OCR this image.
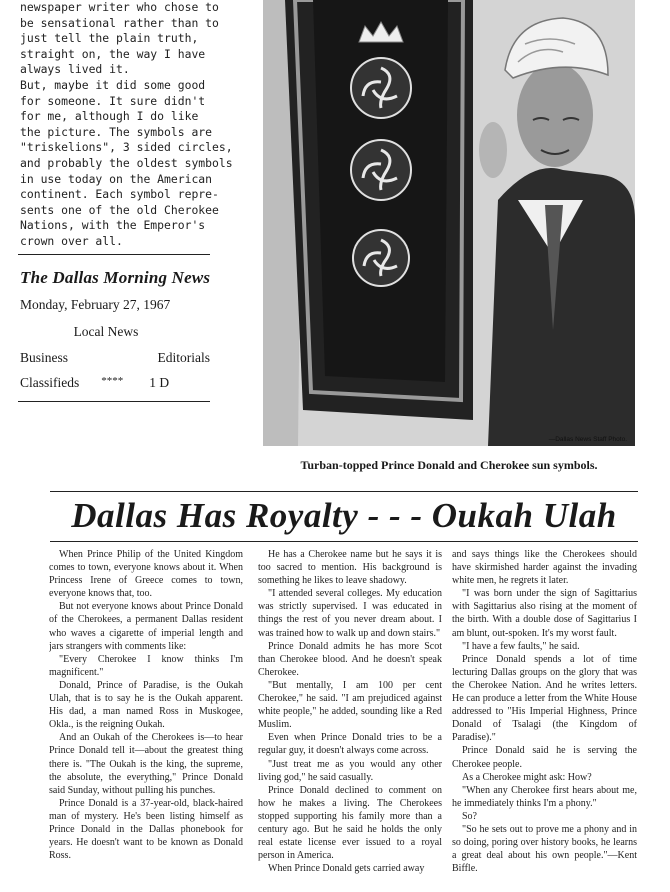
newspaper writer who chose to

be sensational rather than to

just tell the plain truth,

straight on, the way I have

always lived it.

But, maybe it did some good

for someone. It sure didn't

for me, although I do like

the picture. The symbols are

"triskelions", 3 sided circles,

and probably the oldest symbols

in use today on the American

continent. Each symbol repre-

sents one of the old Cherokee

Nations, with the Emperor's

crown over all.

The Dallas Morning News
Monday, February 27, 1967
Local News
Business	Editorials
Classifieds **** 1 D
—Dallas News Staff Photo.
Turban-topped Prince Donald and Cherokee sun symbols.
Dallas Has Royalty - - - Oukah Ulah

When Prince Philip of the United Kingdom comes to town, everyone knows about it. When Princess Irene of Greece comes to town, everyone knows that, too.

But not everyone knows about Prince Donald of the Cherokees, a permanent Dallas resident who waves a cigarette of imperial length and jars strangers with comments like:

"Every Cherokee I know thinks I'm magnificent."

Donald, Prince of Paradise, is the Oukah Ulah, that is to say he is the Oukah apparent. His dad, a man named Ross in Muskogee, Okla., is the reigning Oukah.

And an Oukah of the Cherokees is—to hear Prince Donald tell it—about the greatest thing there is. "The Oukah is the king, the supreme, the absolute, the everything," Prince Donald said Sunday, without pulling his punches.

Prince Donald is a 37-year-old, black-haired man of mystery. He's been listing himself as Prince Donald in the Dallas phonebook for years. He doesn't want to be known as Donald Ross.

He has a Cherokee name but he says it is too sacred to mention. His background is something he likes to leave shadowy.

"I attended several colleges. My education was strictly supervised. I was educated in things the rest of you never dream about. I was trained how to walk up and down stairs."

Prince Donald admits he has more Scot than Cherokee blood. And he doesn't speak Cherokee.

"But mentally, I am 100 per cent Cherokee," he said. "I am prejudiced against white people," he added, sounding like a Red Muslim.

Even when Prince Donald tries to be a regular guy, it doesn't always come across.

"Just treat me as you would any other living god," he said casually.

Prince Donald declined to comment on how he makes a living. The Cherokees stopped supporting his family more than a century ago. But he said he holds the only real estate license ever issued to a royal person in America.

When Prince Donald gets carried away

and says things like the Cherokees should have skirmished harder against the invading white men, he regrets it later.

"I was born under the sign of Sagittarius with Sagittarius also rising at the moment of the birth. With a double dose of Sagittarius I am blunt, out-spoken. It's my worst fault.

"I have a few faults," he said.

Prince Donald spends a lot of time lecturing Dallas groups on the glory that was the Cherokee Nation. And he writes letters. He can produce a letter from the White House addressed to "His Imperial Highness, Prince Donald of Tsalagi (the Kingdom of Paradise)."

Prince Donald said he is serving the Cherokee people.

As a Cherokee might ask: How?

"When any Cherokee first hears about me, he immediately thinks I'm a phony."

So?

"So he sets out to prove me a phony and in so doing, poring over history books, he learns a great deal about his own people."—Kent Biffle.
